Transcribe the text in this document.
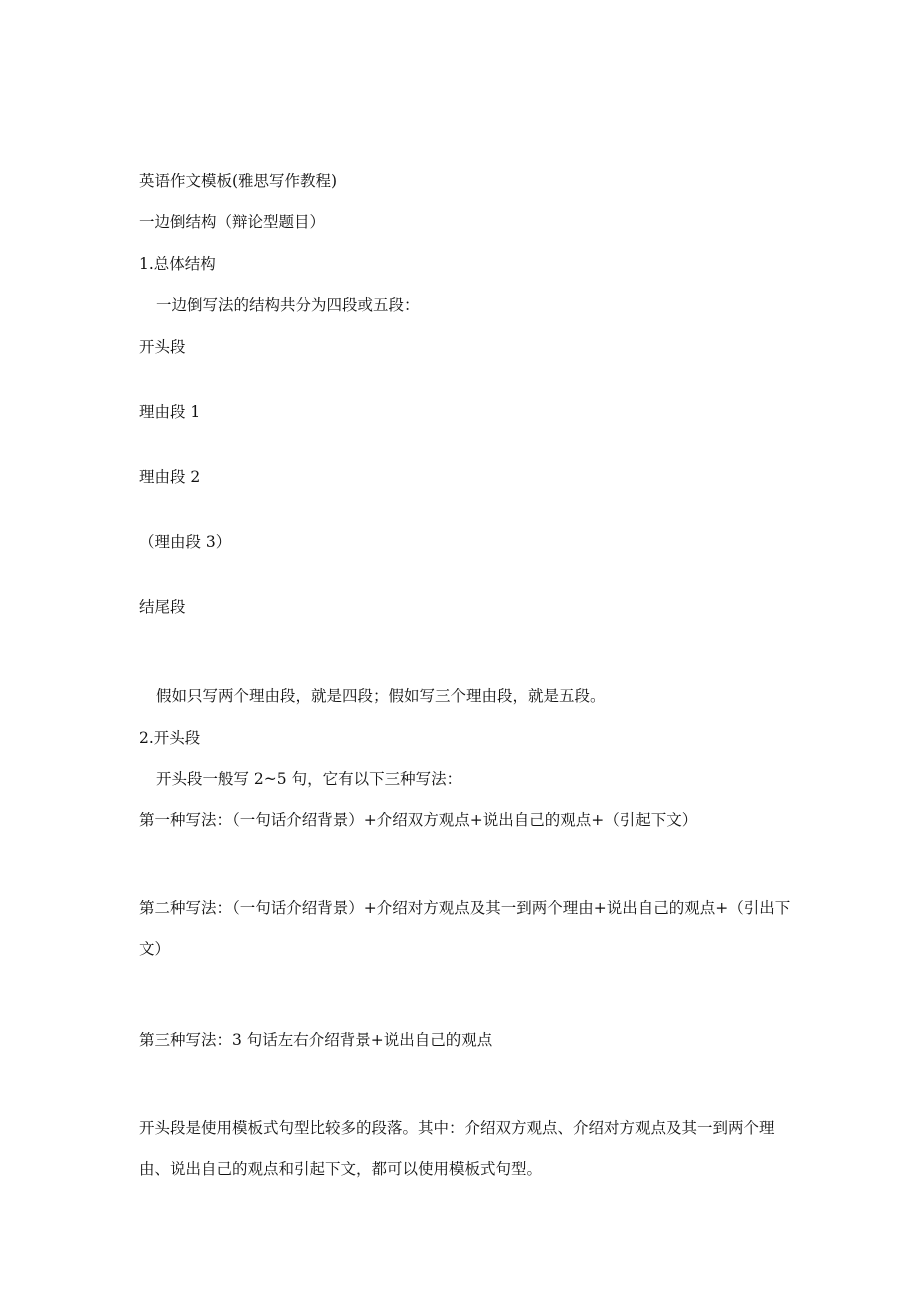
英语作文模板(雅思写作教程)
一边倒结构（辩论型题目）
1.总体结构
一边倒写法的结构共分为四段或五段：
开头段
理由段 1
理由段 2
（理由段 3）
结尾段
假如只写两个理由段，就是四段；假如写三个理由段，就是五段。
2.开头段
开头段一般写 2~5 句，它有以下三种写法：
第一种写法：（一句话介绍背景）+介绍双方观点+说出自己的观点+（引起下文）
第二种写法：（一句话介绍背景）+介绍对方观点及其一到两个理由+说出自己的观点+（引出下文）
第三种写法：3 句话左右介绍背景+说出自己的观点
开头段是使用模板式句型比较多的段落。其中：介绍双方观点、介绍对方观点及其一到两个理由、说出自己的观点和引起下文，都可以使用模板式句型。
